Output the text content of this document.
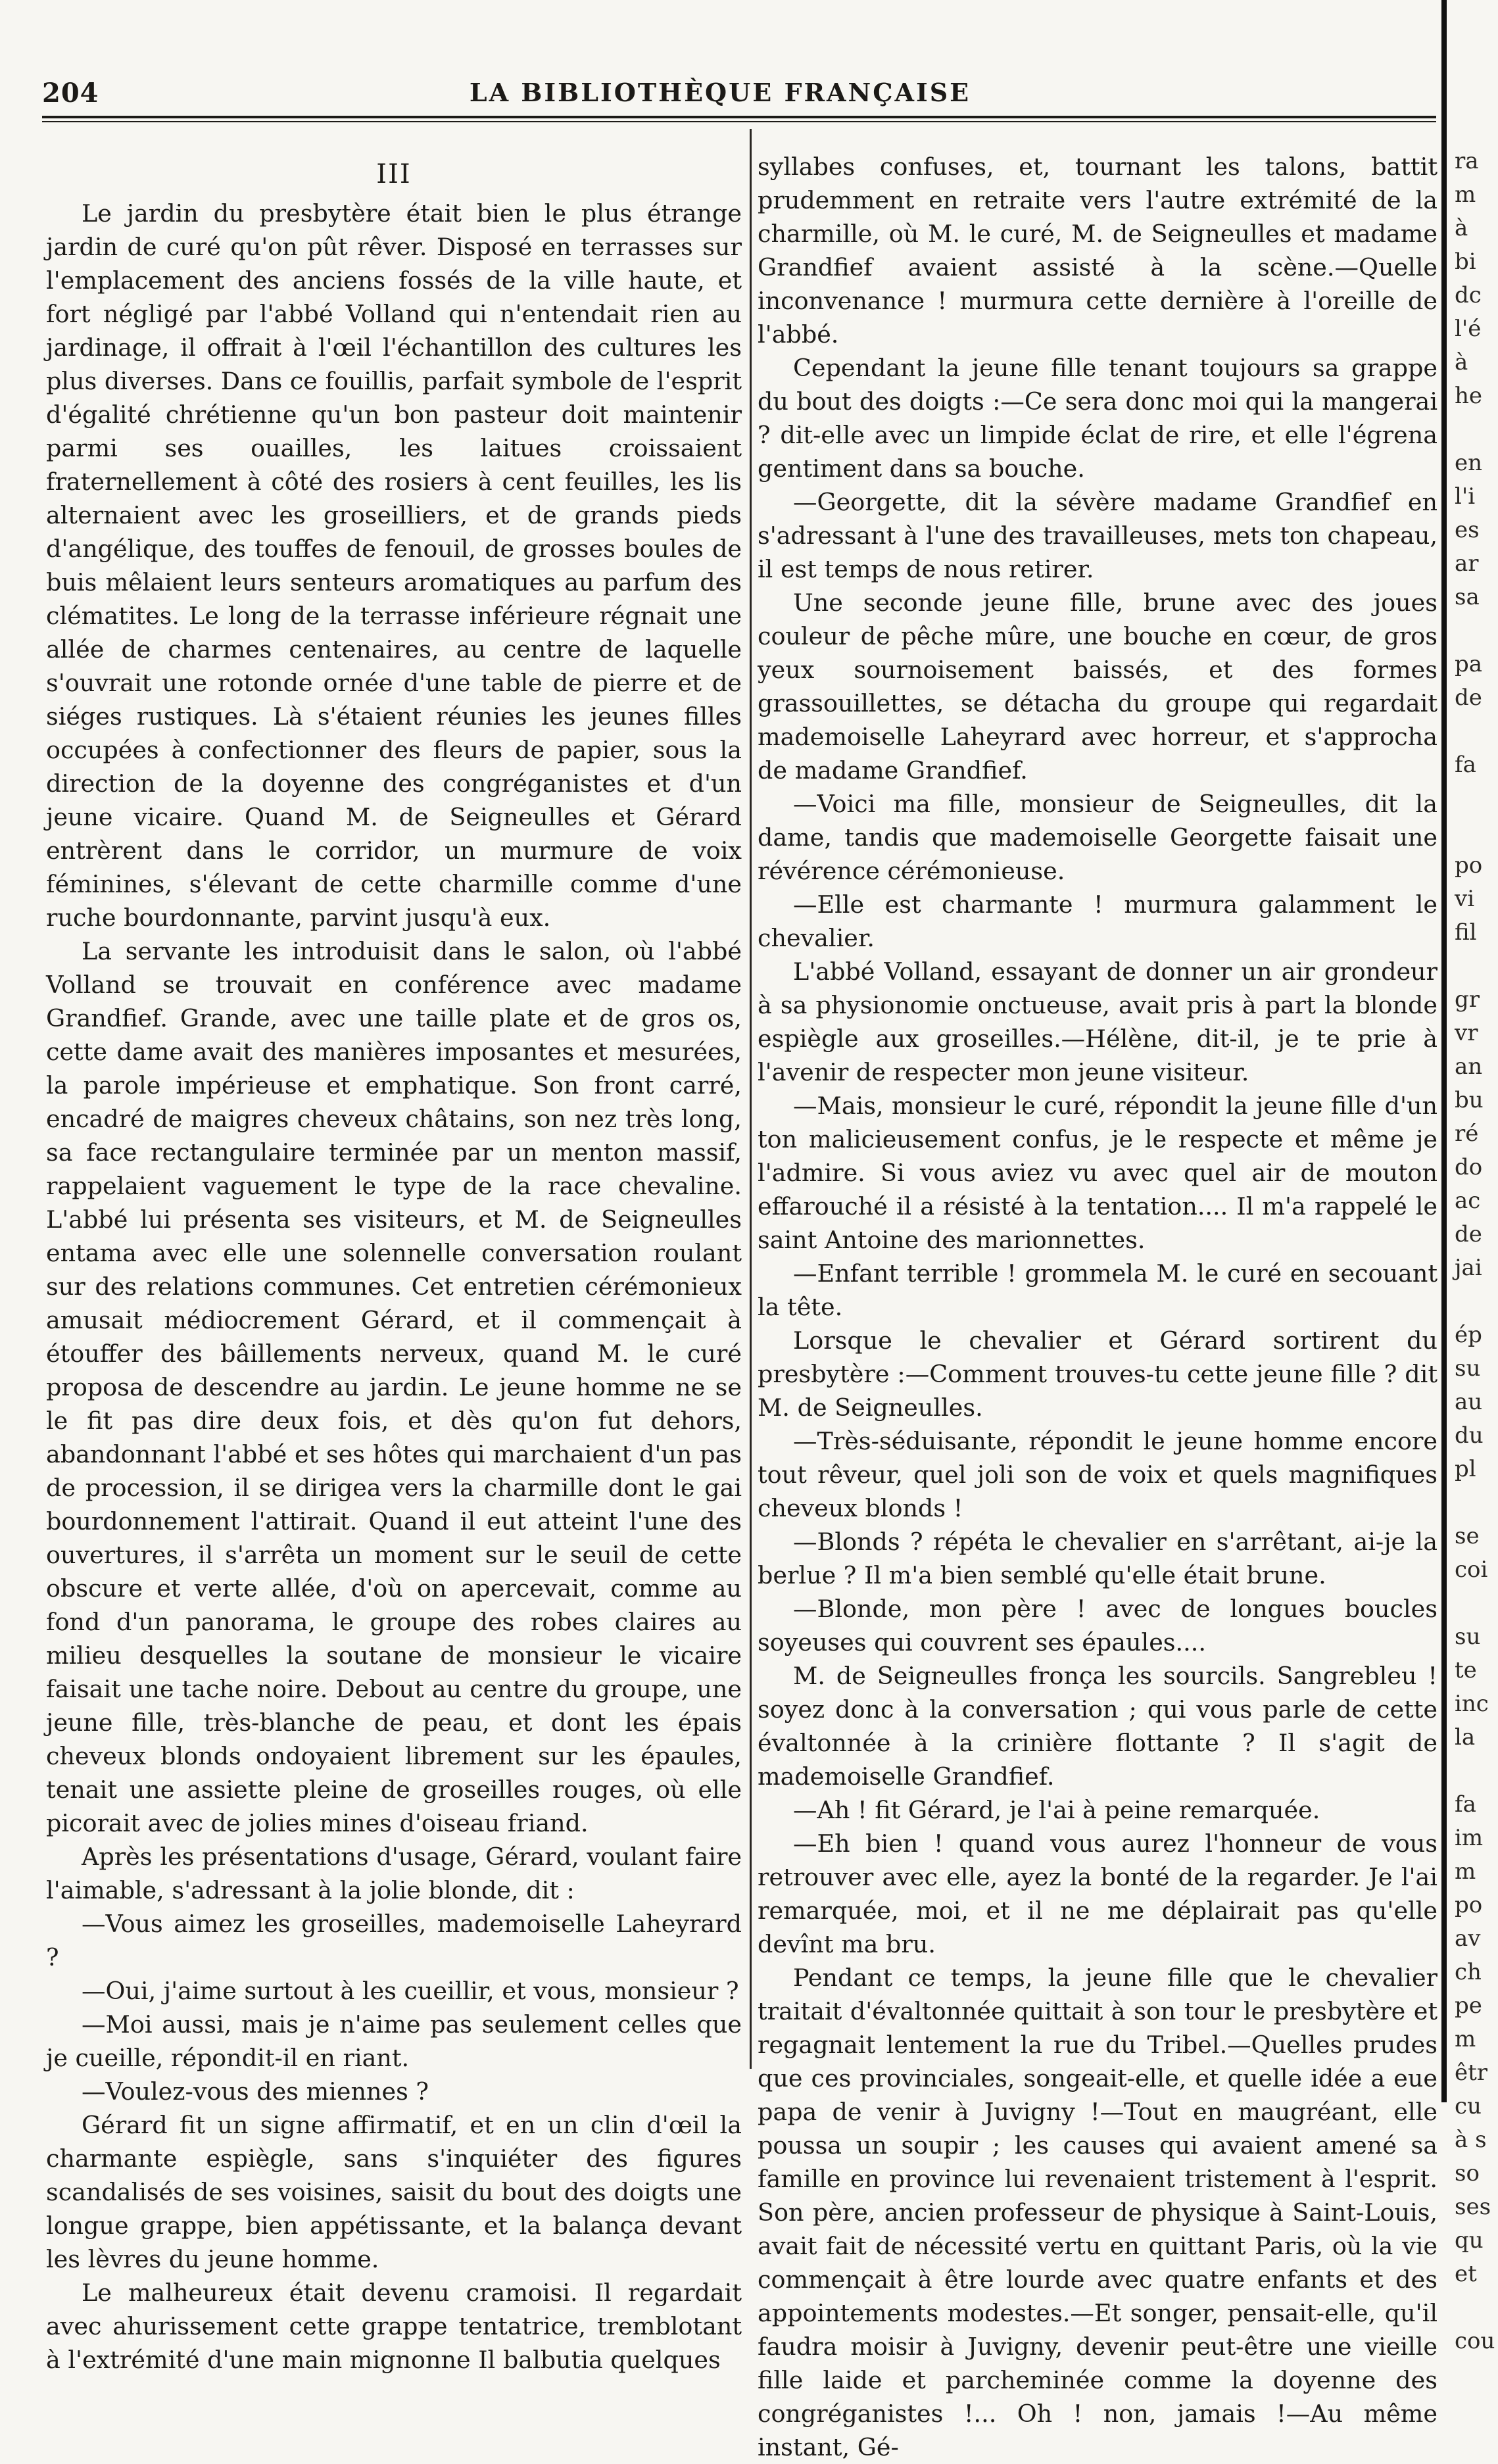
204	LA BIBLIOTHÈQUE FRANÇAISE
III

Le jardin du presbytère était bien le plus étrange jardin de curé qu'on pût rêver. Disposé en terrasses sur l'emplacement des anciens fossés de la ville haute, et fort négligé par l'abbé Volland qui n'entendait rien au jardinage, il offrait à l'œil l'échantillon des cultures les plus diverses. Dans ce fouillis, parfait symbole de l'esprit d'égalité chrétienne qu'un bon pasteur doit maintenir parmi ses ouailles, les laitues croissaient fraternellement à côté des rosiers à cent feuilles, les lis alternaient avec les groseilliers, et de grands pieds d'angélique, des touffes de fenouil, de grosses boules de buis mêlaient leurs senteurs aromatiques au parfum des clématites. Le long de la terrasse inférieure régnait une allée de charmes centenaires, au centre de laquelle s'ouvrait une rotonde ornée d'une table de pierre et de siéges rustiques. Là s'étaient réunies les jeunes filles occupées à confectionner des fleurs de papier, sous la direction de la doyenne des congréganistes et d'un jeune vicaire. Quand M. de Seigneulles et Gérard entrèrent dans le corridor, un murmure de voix féminines, s'élevant de cette charmille comme d'une ruche bourdonnante, parvint jusqu'à eux.

La servante les introduisit dans le salon, où l'abbé Volland se trouvait en conférence avec madame Grandfief. Grande, avec une taille plate et de gros os, cette dame avait des manières imposantes et mesurées, la parole impérieuse et emphatique. Son front carré, encadré de maigres cheveux châtains, son nez très long, sa face rectangulaire terminée par un menton massif, rappelaient vaguement le type de la race chevaline. L'abbé lui présenta ses visiteurs, et M. de Seigneulles entama avec elle une solennelle conversation roulant sur des relations communes. Cet entretien cérémonieux amusait médiocrement Gérard, et il commençait à étouffer des bâillements nerveux, quand M. le curé proposa de descendre au jardin. Le jeune homme ne se le fit pas dire deux fois, et dès qu'on fut dehors, abandonnant l'abbé et ses hôtes qui marchaient d'un pas de procession, il se dirigea vers la charmille dont le gai bourdonnement l'attirait. Quand il eut atteint l'une des ouvertures, il s'arrêta un moment sur le seuil de cette obscure et verte allée, d'où on apercevait, comme au fond d'un panorama, le groupe des robes claires au milieu desquelles la soutane de monsieur le vicaire faisait une tache noire. Debout au centre du groupe, une jeune fille, très-blanche de peau, et dont les épais cheveux blonds ondoyaient librement sur les épaules, tenait une assiette pleine de groseilles rouges, où elle picorait avec de jolies mines d'oiseau friand.

Après les présentations d'usage, Gérard, voulant faire l'aimable, s'adressant à la jolie blonde, dit :

—Vous aimez les groseilles, mademoiselle Laheyrard ?

—Oui, j'aime surtout à les cueillir, et vous, monsieur ?

—Moi aussi, mais je n'aime pas seulement celles que je cueille, répondit-il en riant.

—Voulez-vous des miennes ?

Gérard fit un signe affirmatif, et en un clin d'œil la charmante espiègle, sans s'inquiéter des figures scandalisés de ses voisines, saisit du bout des doigts une longue grappe, bien appétissante, et la balança devant les lèvres du jeune homme.

Le malheureux était devenu cramoisi. Il regardait avec ahurissement cette grappe tentatrice, tremblotant à l'extrémité d'une main mignonne Il balbutia quelques

syllabes confuses, et, tournant les talons, battit prudemment en retraite vers l'autre extrémité de la charmille, où M. le curé, M. de Seigneulles et madame Grandfief avaient assisté à la scène.—Quelle inconvenance ! murmura cette dernière à l'oreille de l'abbé.

Cependant la jeune fille tenant toujours sa grappe du bout des doigts :—Ce sera donc moi qui la mangerai ? dit-elle avec un limpide éclat de rire, et elle l'égrena gentiment dans sa bouche.

—Georgette, dit la sévère madame Grandfief en s'adressant à l'une des travailleuses, mets ton chapeau, il est temps de nous retirer.

Une seconde jeune fille, brune avec des joues couleur de pêche mûre, une bouche en cœur, de gros yeux sournoisement baissés, et des formes grassouillettes, se détacha du groupe qui regardait mademoiselle Laheyrard avec horreur, et s'approcha de madame Grandfief.

—Voici ma fille, monsieur de Seigneulles, dit la dame, tandis que mademoiselle Georgette faisait une révérence cérémonieuse.

—Elle est charmante ! murmura galamment le chevalier.

L'abbé Volland, essayant de donner un air grondeur à sa physionomie onctueuse, avait pris à part la blonde espiègle aux groseilles.—Hélène, dit-il, je te prie à l'avenir de respecter mon jeune visiteur.

—Mais, monsieur le curé, répondit la jeune fille d'un ton malicieusement confus, je le respecte et même je l'admire. Si vous aviez vu avec quel air de mouton effarouché il a résisté à la tentation.... Il m'a rappelé le saint Antoine des marionnettes.

—Enfant terrible ! grommela M. le curé en secouant la tête.

Lorsque le chevalier et Gérard sortirent du presbytère :—Comment trouves-tu cette jeune fille ? dit M. de Seigneulles.

—Très-séduisante, répondit le jeune homme encore tout rêveur, quel joli son de voix et quels magnifiques cheveux blonds !

—Blonds ? répéta le chevalier en s'arrêtant, ai-je la berlue ? Il m'a bien semblé qu'elle était brune.

—Blonde, mon père ! avec de longues boucles soyeuses qui couvrent ses épaules....

M. de Seigneulles fronça les sourcils. Sangrebleu ! soyez donc à la conversation ; qui vous parle de cette évaltonnée à la crinière flottante ? Il s'agit de mademoiselle Grandfief.

—Ah ! fit Gérard, je l'ai à peine remarquée.

—Eh bien ! quand vous aurez l'honneur de vous retrouver avec elle, ayez la bonté de la regarder. Je l'ai remarquée, moi, et il ne me déplairait pas qu'elle devînt ma bru.

Pendant ce temps, la jeune fille que le chevalier traitait d'évaltonnée quittait à son tour le presbytère et regagnait lentement la rue du Tribel.—Quelles prudes que ces provinciales, songeait-elle, et quelle idée a eue papa de venir à Juvigny !—Tout en maugréant, elle poussa un soupir ; les causes qui avaient amené sa famille en province lui revenaient tristement à l'esprit. Son père, ancien professeur de physique à Saint-Louis, avait fait de nécessité vertu en quittant Paris, où la vie commençait à être lourde avec quatre enfants et des appointements modestes.—Et songer, pensait-elle, qu'il faudra moisir à Juvigny, devenir peut-être une vieille fille laide et parcheminée comme la doyenne des congréganistes !... Oh ! non, jamais !—Au même instant, Gé-

ra
m
à
bi
dc
l'é
à
he
en
l'i
es
ar
sa
pa
de
fa
po
vi
fil
gr
vr
an
bu
ré
do
ac
de
jai
ép
su
au
du
pl
se
coi
su
te
inc
la
fa
im
m
po
av
ch
pe
m
êtr
cu
à s
so
ses
qu
et
cou
